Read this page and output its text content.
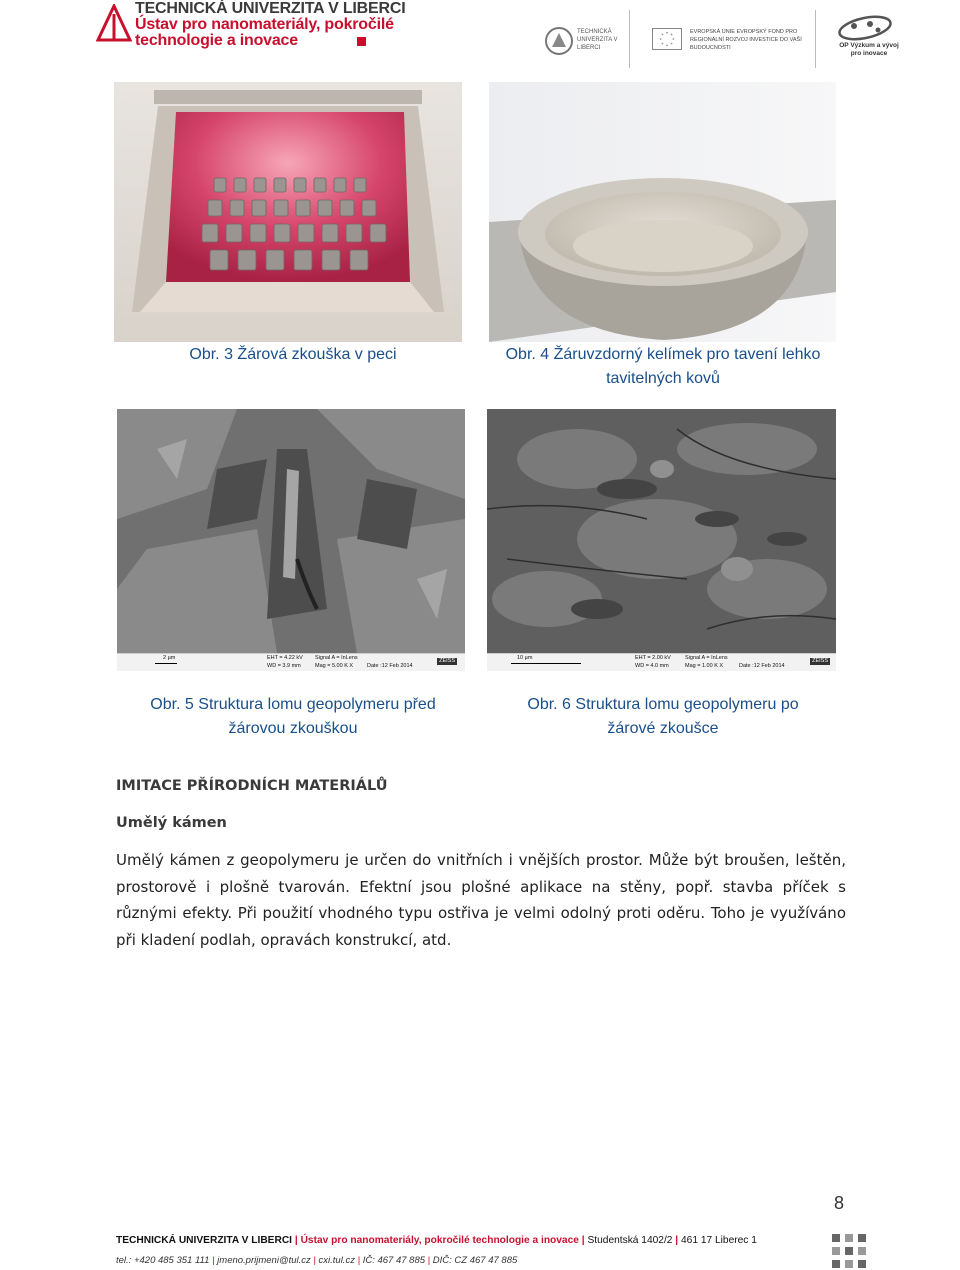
TECHNICKÁ UNIVERZITA V LIBERCI
Ústav pro nanomateriály, pokročilé
technologie a inovace	TECHNICKÁ UNIVERZITA V LIBERCI
EVROPSKÁ UNIE EVROPSKÝ FOND PRO REGIONÁLNÍ ROZVOJ INVESTICE DO VAŠÍ BUDOUCNOSTI	OP Výzkum a vývoj pro inovace
Obr. 3 Žárová zkouška v peci	Obr. 4 Žáruvzdorný kelímek pro tavení lehko
tavitelných kovů
2 µm	EHT = 4.22 kV
WD = 3.9 mm
Signal A = InLens
Mag = 5.00 K X	Date :12 Feb 2014
ZEISS	10 µm	EHT = 2.00 kV
WD = 4.0 mm
Signal A = InLens
Mag = 1.00 K X	Date :12 Feb 2014
ZEISS
Obr. 5 Struktura lomu geopolymeru před
žárovou zkouškou
Obr. 6 Struktura lomu geopolymeru po
žárové zkoušce
IMITACE PŘÍRODNÍCH MATERIÁLŮ
Umělý kámen

Umělý kámen z geopolymeru je určen do vnitřních i vnějších prostor. Může být broušen, leštěn, prostorově i plošně tvarován. Efektní jsou plošné aplikace na stěny, popř. stavba příček s různými efekty. Při použití vhodného typu ostřiva je velmi odolný proti oděru. Toho je využíváno při kladení podlah, opravách konstrukcí, atd.

8
TECHNICKÁ UNIVERZITA V LIBERCI | Ústav pro nanomateriály, pokročilé technologie a inovace | Studentská 1402/2 | 461 17 Liberec 1
tel.: +420 485 351 111 | jmeno.prijmeni@tul.cz | cxi.tul.cz | IČ: 467 47 885 | DIČ: CZ 467 47 885
